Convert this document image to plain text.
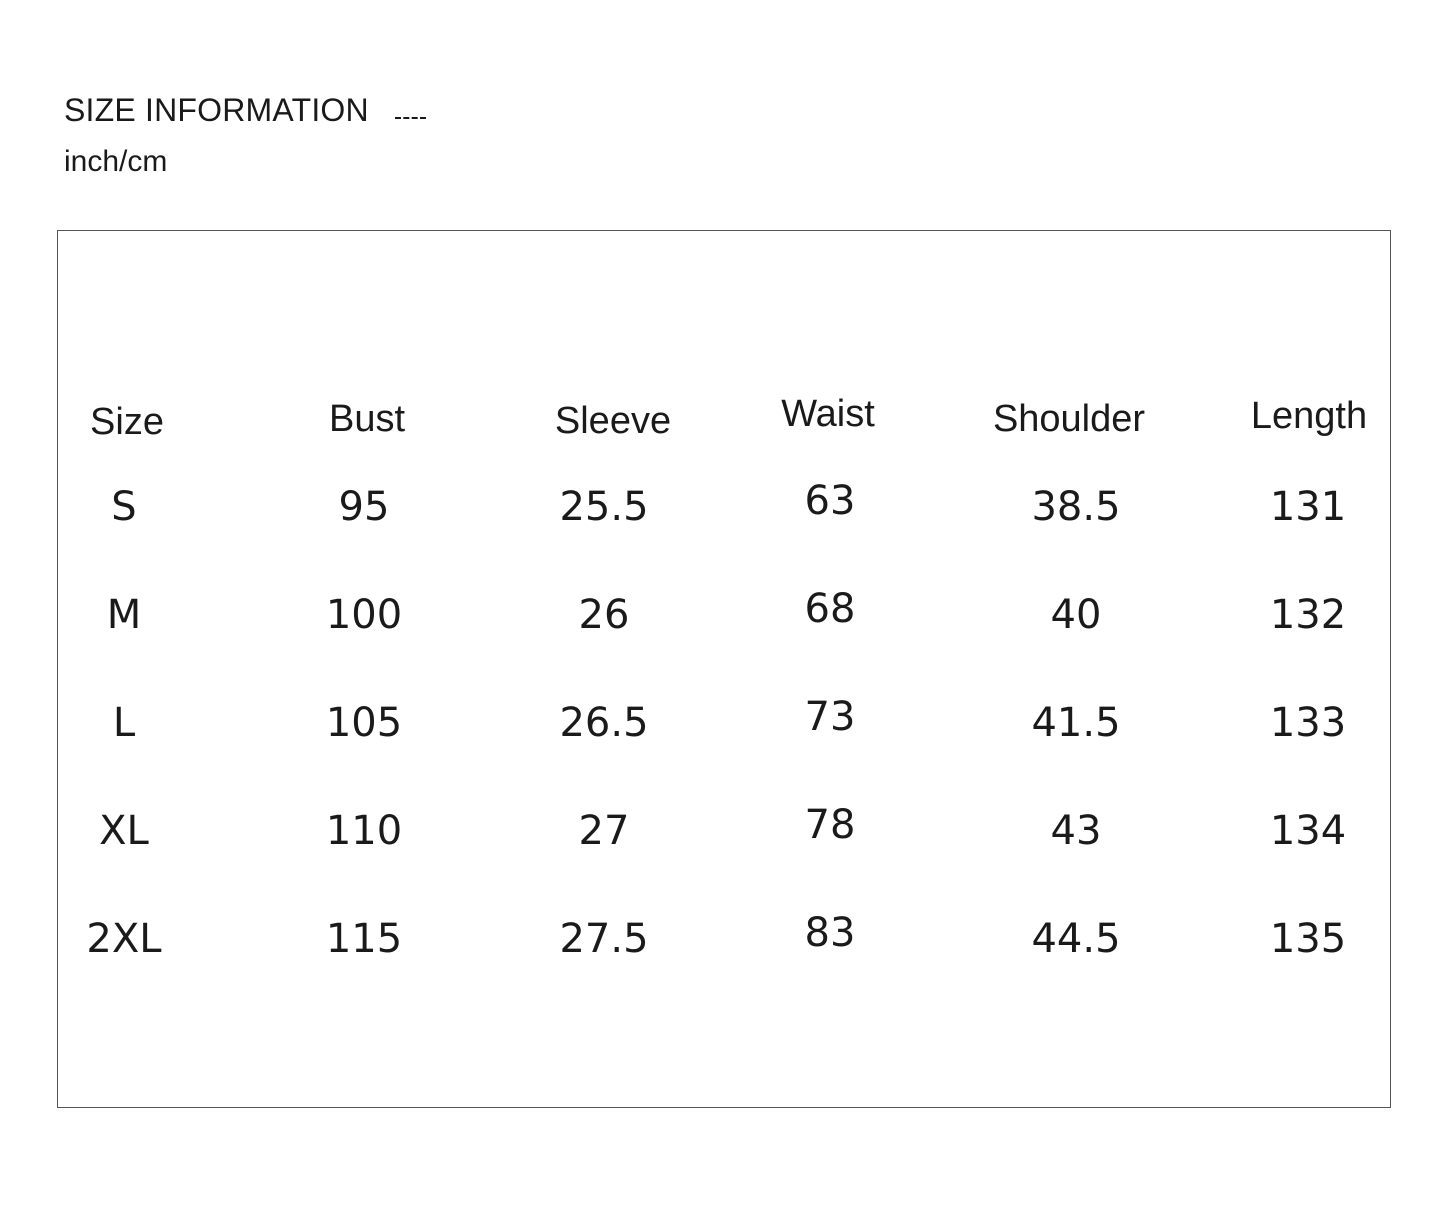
SIZE INFORMATION
inch/cm
Size	Bust	Sleeve	Waist	Shoulder	Length
S	95	25.5	63	38.5	131
M	100	26	68	40	132
L	105	26.5	73	41.5	133
XL	110	27	78	43	134
2XL	115	27.5	83	44.5	135
